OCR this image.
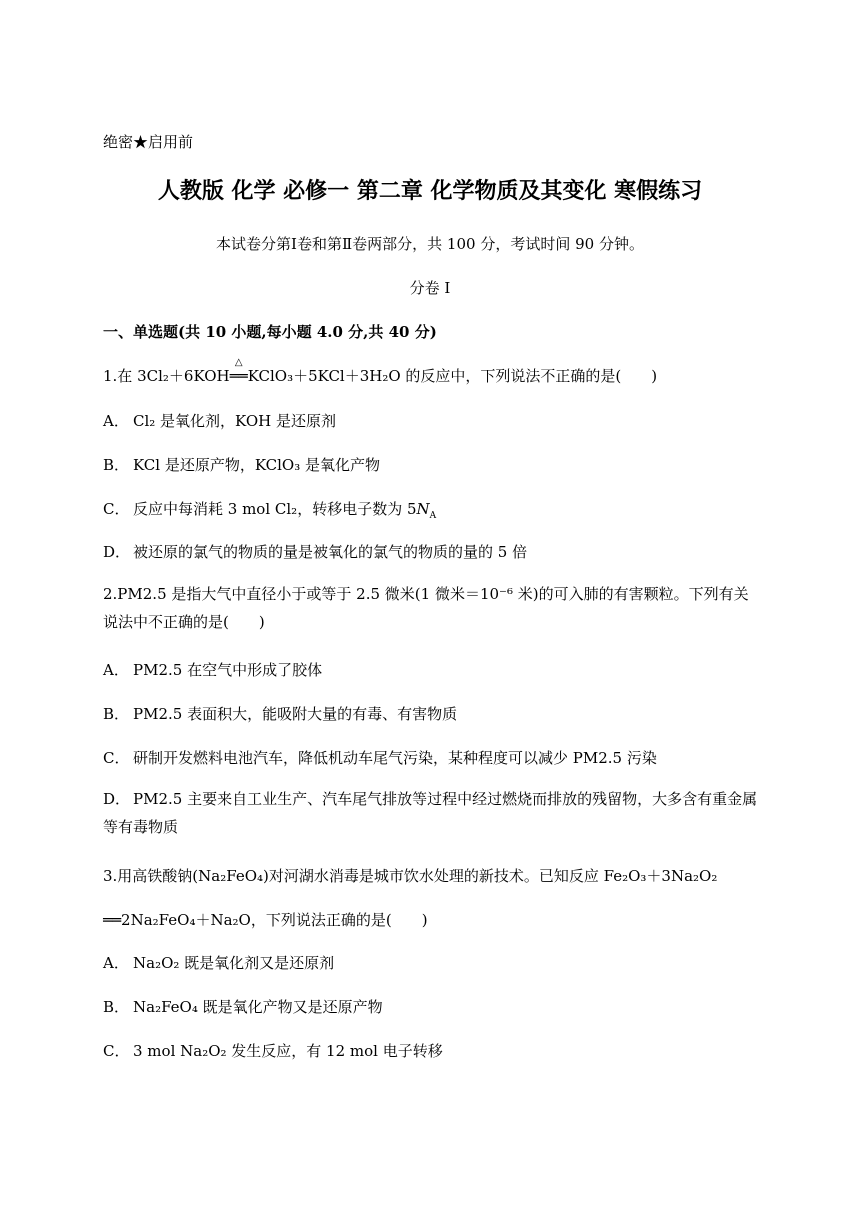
绝密★启用前
人教版 化学 必修一 第二章 化学物质及其变化 寒假练习
本试卷分第Ⅰ卷和第Ⅱ卷两部分，共 100 分，考试时间 90 分钟。
分卷 I
一、单选题(共 10 小题,每小题 4.0 分,共 40 分)
1.在 3Cl₂＋6KOH
△
══KClO₃＋5KCl＋3H₂O 的反应中，下列说法不正确的是(　　)
A． Cl₂ 是氧化剂，KOH 是还原剂
B． KCl 是还原产物，KClO₃ 是氧化产物
C． 反应中每消耗 3 mol Cl₂，转移电子数为 $5N_A$
D． 被还原的氯气的物质的量是被氧化的氯气的物质的量的 5 倍
2.PM2.5 是指大气中直径小于或等于 2.5 微米(1 微米＝10⁻⁶ 米)的可入肺的有害颗粒。下列有关说法中不正确的是(　　)
A． PM2.5 在空气中形成了胶体
B． PM2.5 表面积大，能吸附大量的有毒、有害物质
C． 研制开发燃料电池汽车，降低机动车尾气污染，某种程度可以减少 PM2.5 污染
D． PM2.5 主要来自工业生产、汽车尾气排放等过程中经过燃烧而排放的残留物，大多含有重金属等有毒物质
3.用高铁酸钠(Na₂FeO₄)对河湖水消毒是城市饮水处理的新技术。已知反应 Fe₂O₃＋3Na₂O₂
══2Na₂FeO₄＋Na₂O，下列说法正确的是(　　)
A． Na₂O₂ 既是氧化剂又是还原剂
B． Na₂FeO₄ 既是氧化产物又是还原产物
C． 3 mol Na₂O₂ 发生反应，有 12 mol 电子转移
